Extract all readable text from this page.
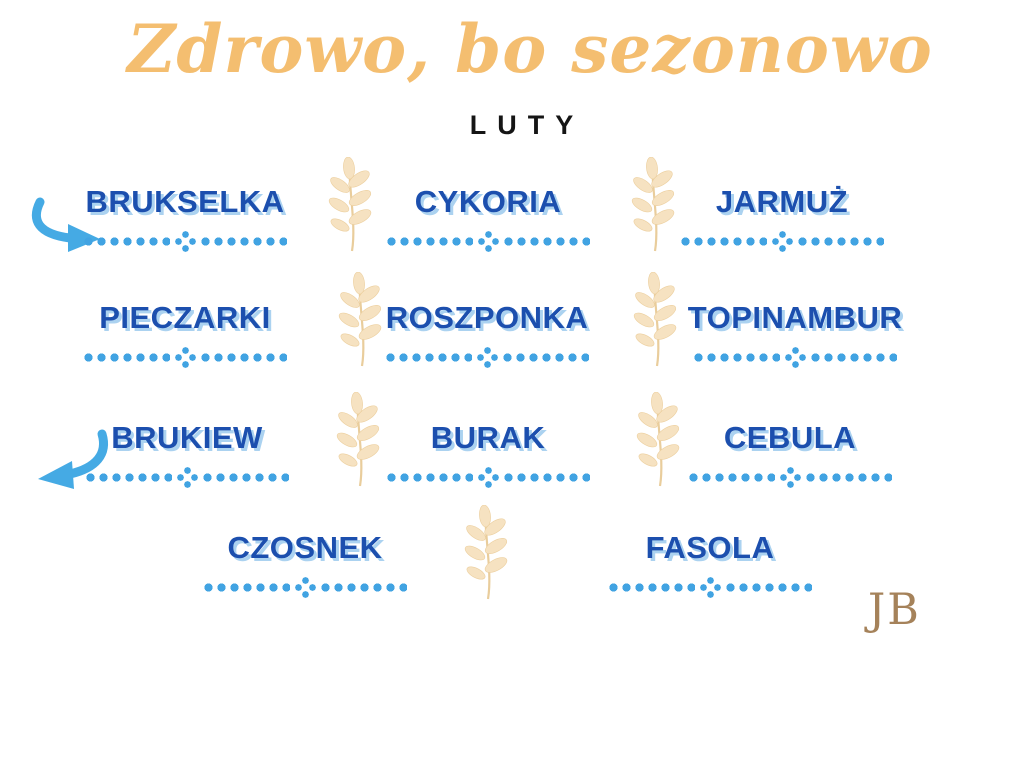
Zdrowo, bo sezonowo
LUTY
BRUKSELKA	CYKORIA	JARMUŻ
PIECZARKI	ROSZPONKA	TOPINAMBUR
BRUKIEW	BURAK	CEBULA
CZOSNEK	FASOLA
JB
